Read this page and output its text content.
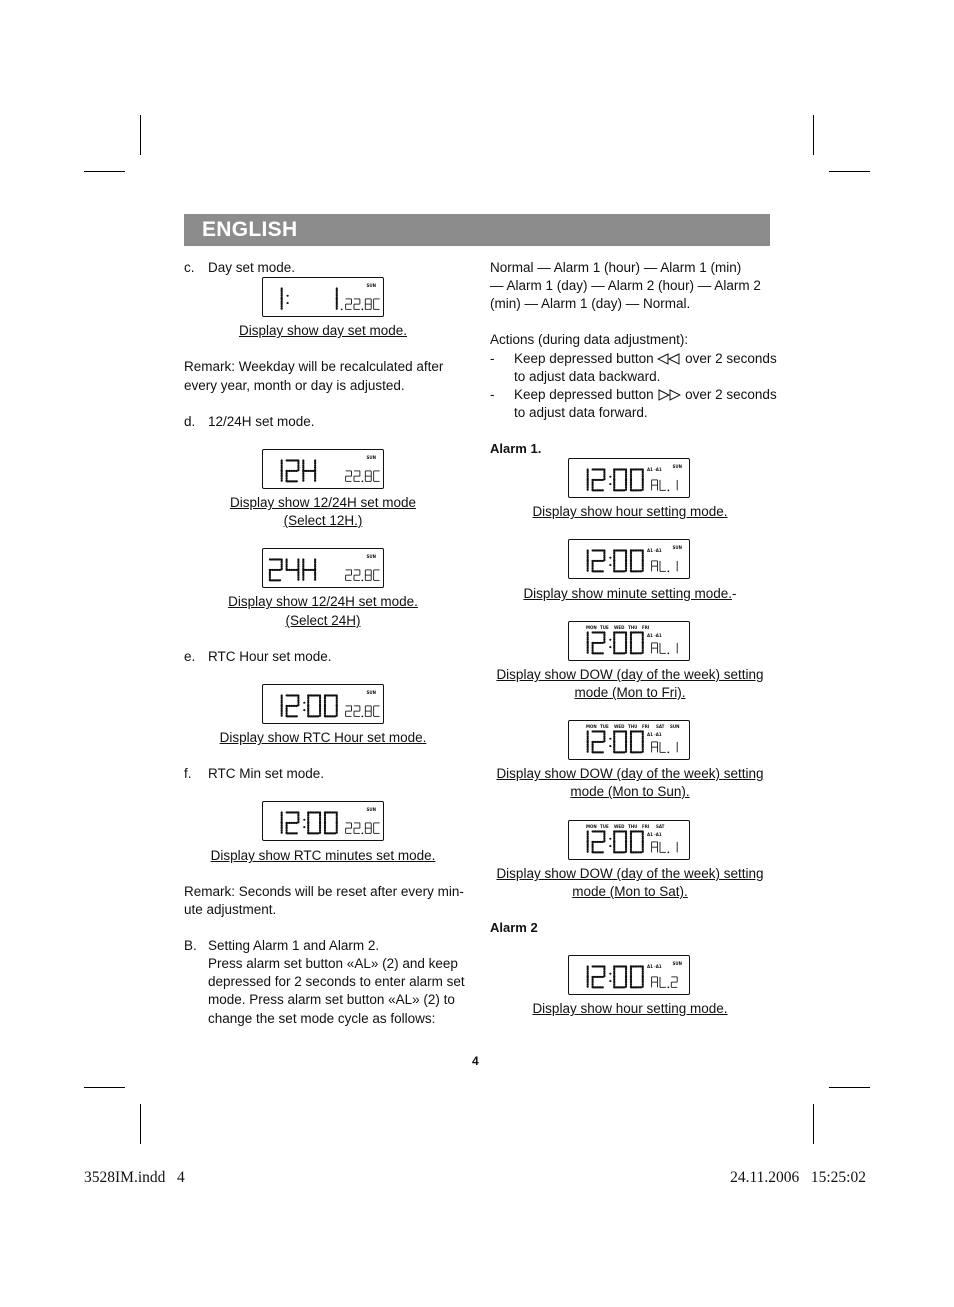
ENGLISH
c. Day set mode.
SUN
Display show day set mode.
Remark: Weekday will be recalculated after
every year, month or day is adjusted.
d. 12/24H set mode.
SUN
Display show 12/24H set mode
(Select 12H.)
SUN
Display show 12/24H set mode.
(Select 24H)
e. RTC Hour set mode.
SUN
Display show RTC Hour set mode.
f. RTC Min set mode.
SUN
Display show RTC minutes set mode.
Remark: Seconds will be reset after every min-
ute adjustment.
B. Setting Alarm 1 and Alarm 2.
Press alarm set button «AL» (2) and keep
depressed for 2 seconds to enter alarm set
mode. Press alarm set button «AL» (2) to
change the set mode cycle as follows:
Normal — Alarm 1 (hour) — Alarm 1 (min)
— Alarm 1 (day) — Alarm 2 (hour) — Alarm 2
(min) — Alarm 1 (day) — Normal.
Actions (during data adjustment):
- Keep depressed button over 2 seconds
to adjust data backward.
- Keep depressed button over 2 seconds
to adjust data forward.
Alarm 1.
SUN
A1 ·A1
Display show hour setting mode.
SUN
A1 ·A1
Display show minute setting mode.-
A1 ·A1
MON TUE WED THU FRI
Display show DOW (day of the week) setting
mode (Mon to Fri).
A1 ·A1
MON TUE WED THU FRI SAT SUN
Display show DOW (day of the week) setting
mode (Mon to Sun).
A1 ·A1
MON TUE WED THU FRI SAT
Display show DOW (day of the week) setting
mode (Mon to Sat).
Alarm 2
SUN
A1 ·A1
Display show hour setting mode.
4
3528IM.indd   4	24.11.2006   15:25:02
